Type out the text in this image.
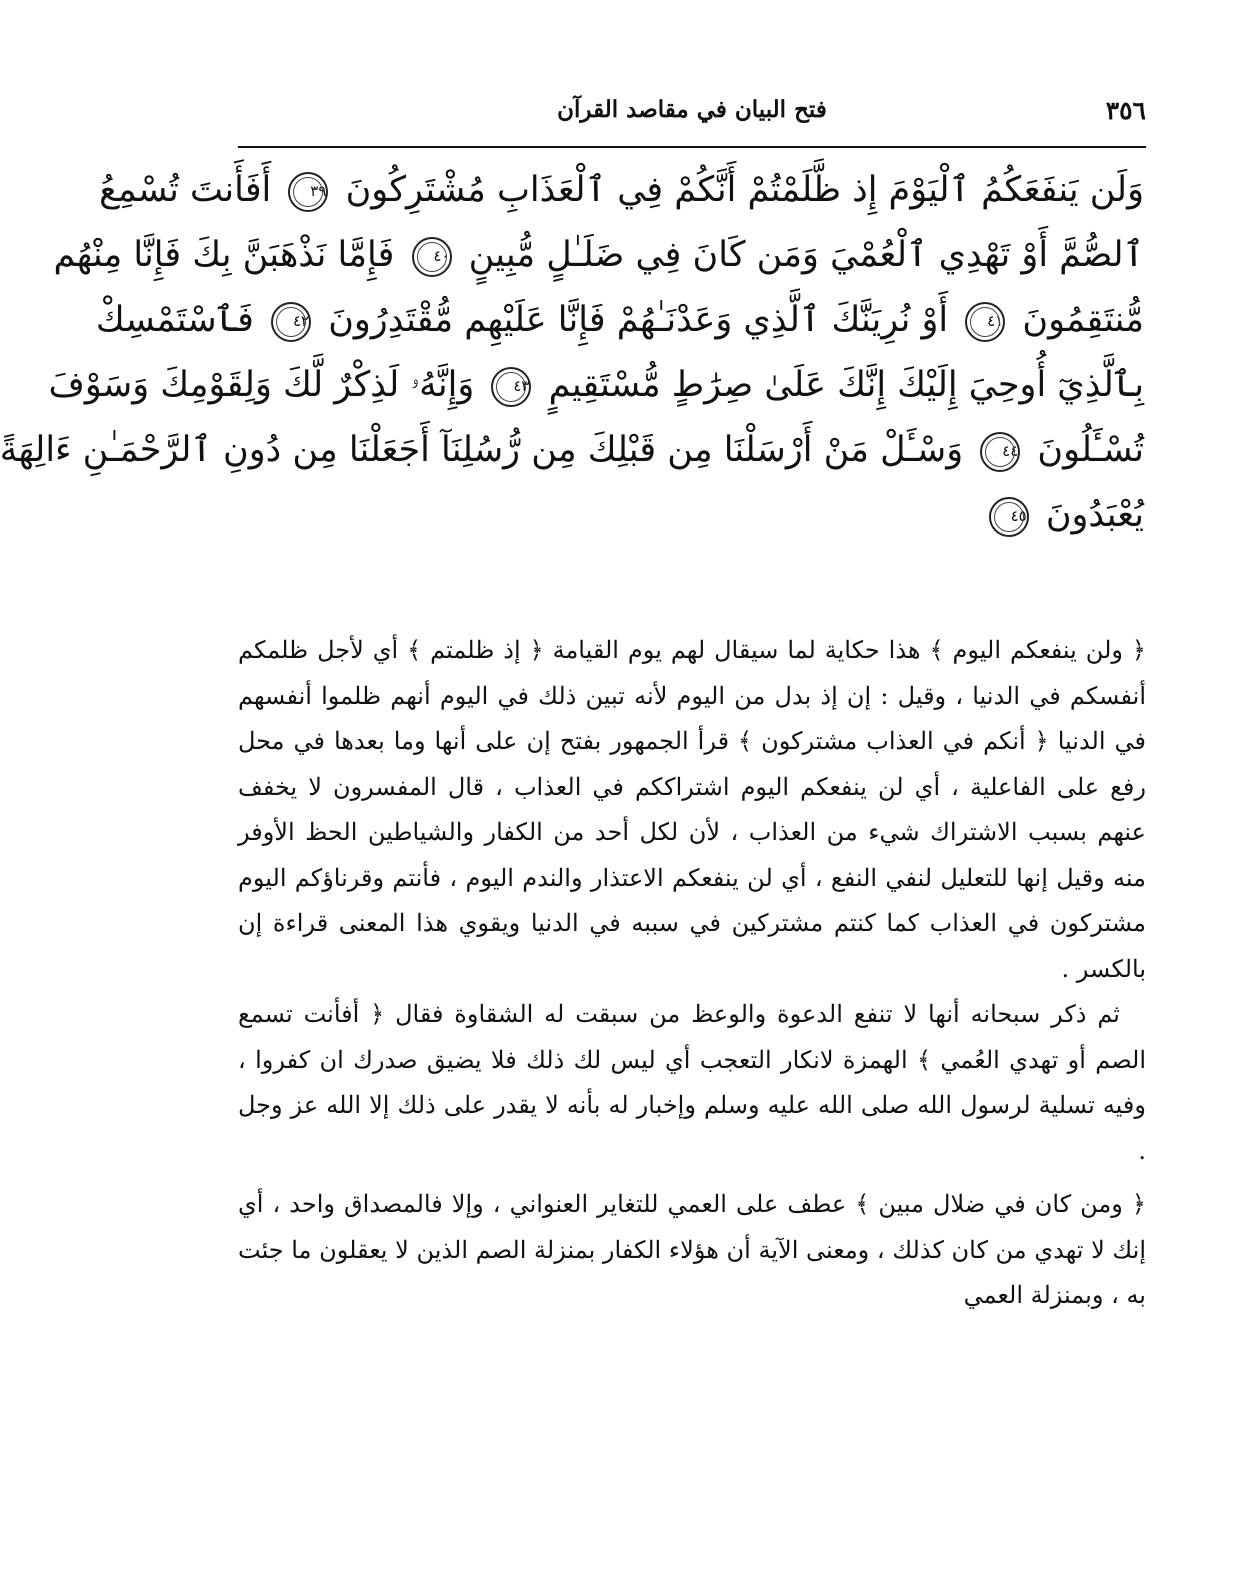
٣٥٦
فتح البيان في مقاصد القرآن
وَلَن يَنفَعَكُمُ ٱلْيَوْمَ إِذ ظَّلَمْتُمْ أَنَّكُمْ فِي ٱلْعَذَابِ مُشْتَرِكُونَ ٣٩ أَفَأَنتَ تُسْمِعُ
ٱلصُّمَّ أَوْ تَهْدِي ٱلْعُمْيَ وَمَن كَانَ فِي ضَلَـٰلٍ مُّبِينٍ ٤٠ فَإِمَّا نَذْهَبَنَّ بِكَ فَإِنَّا مِنْهُم
مُّنتَقِمُونَ ٤١ أَوْ نُرِيَنَّكَ ٱلَّذِي وَعَدْنَـٰهُمْ فَإِنَّا عَلَيْهِم مُّقْتَدِرُونَ ٤٢ فَٱسْتَمْسِكْ
بِٱلَّذِيٓ أُوحِيَ إِلَيْكَ إِنَّكَ عَلَىٰ صِرَٰطٍ مُّسْتَقِيمٍ ٤٣ وَإِنَّهُۥ لَذِكْرٌ لَّكَ وَلِقَوْمِكَ وَسَوْفَ
تُسْـَٔلُونَ ٤٤ وَسْـَٔلْ مَنْ أَرْسَلْنَا مِن قَبْلِكَ مِن رُّسُلِنَآ أَجَعَلْنَا مِن دُونِ ٱلرَّحْمَـٰنِ ءَالِهَةً
يُعْبَدُونَ ٤٥

﴿ ولن ينفعكم اليوم ﴾ هذا حكاية لما سيقال لهم يوم القيامة ﴿ إذ ظلمتم ﴾ أي لأجل ظلمكم أنفسكم في الدنيا ، وقيل : إن إذ بدل من اليوم لأنه تبين ذلك في اليوم أنهم ظلموا أنفسهم في الدنيا ﴿ أنكم في العذاب مشتركون ﴾ قرأ الجمهور بفتح إن على أنها وما بعدها في محل رفع على الفاعلية ، أي لن ينفعكم اليوم اشتراككم في العذاب ، قال المفسرون لا يخفف عنهم بسبب الاشتراك شيء من العذاب ، لأن لكل أحد من الكفار والشياطين الحظ الأوفر منه وقيل إنها للتعليل لنفي النفع ، أي لن ينفعكم الاعتذار والندم اليوم ، فأنتم وقرناؤكم اليوم مشتركون في العذاب كما كنتم مشتركين في سببه في الدنيا ويقوي هذا المعنى قراءة إن بالكسر .

ثم ذكر سبحانه أنها لا تنفع الدعوة والوعظ من سبقت له الشقاوة فقال ﴿ أفأنت تسمع الصم أو تهدي العُمي ﴾ الهمزة لانكار التعجب أي ليس لك ذلك فلا يضيق صدرك ان كفروا ، وفيه تسلية لرسول الله صلى الله عليه وسلم وإخبار له بأنه لا يقدر على ذلك إلا الله عز وجل .

﴿ ومن كان في ضلال مبين ﴾ عطف على العمي للتغاير العنواني ، وإلا فالمصداق واحد ، أي إنك لا تهدي من كان كذلك ، ومعنى الآية أن هؤلاء الكفار بمنزلة الصم الذين لا يعقلون ما جئت به ، وبمنزلة العمي
